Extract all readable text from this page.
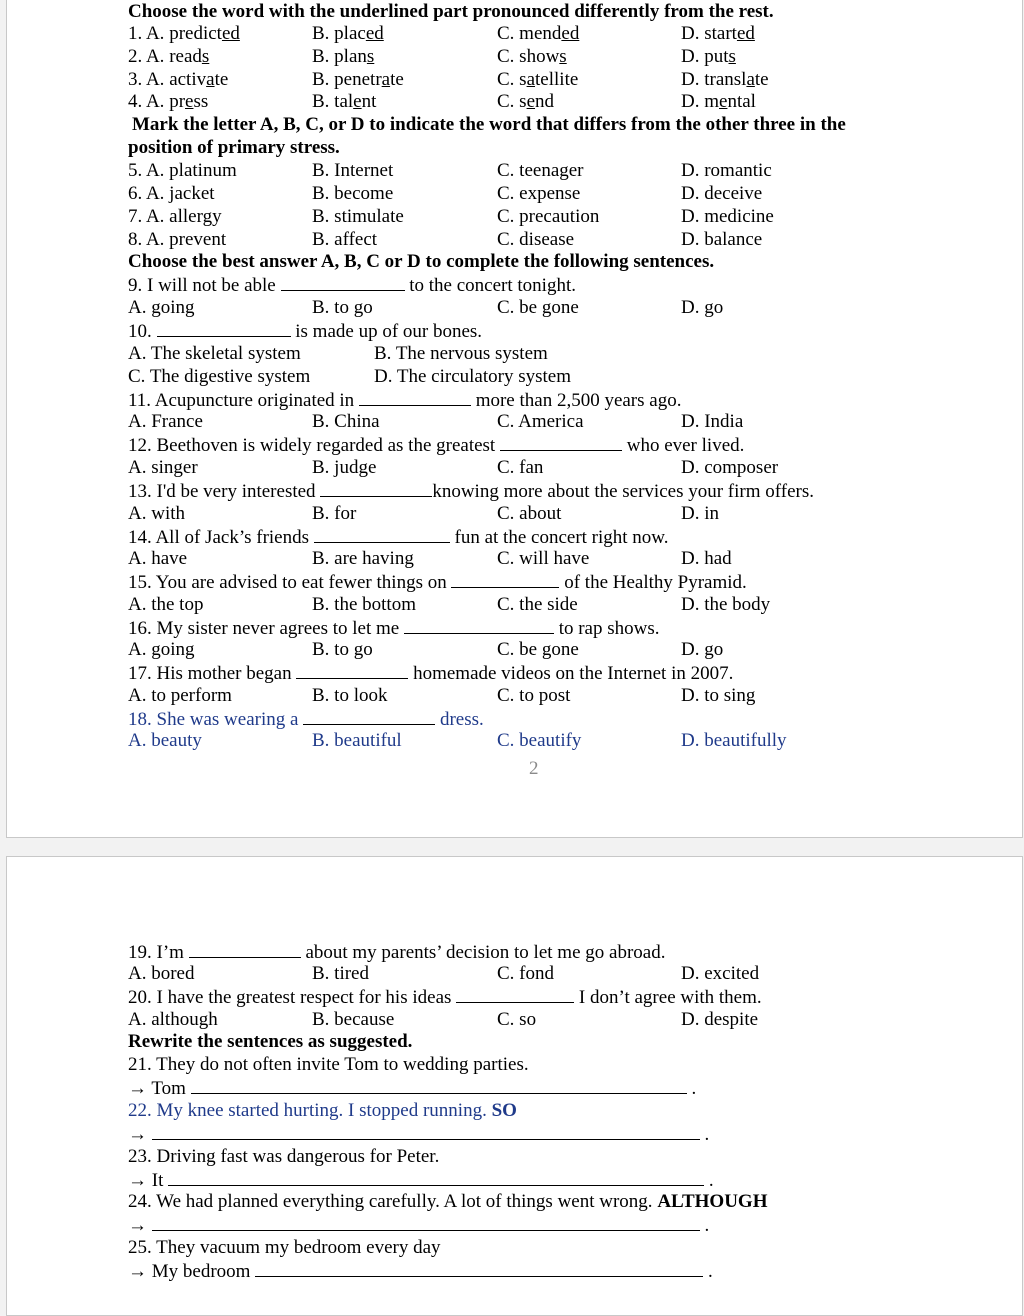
Choose the word with the underlined part pronounced differently from the rest.
1. A. predicted	B. placed	C. mended	D. started
2. A. reads	B. plans	C. shows	D. puts
3. A. activate	B. penetrate	C. satellite	D. translate
4. A. press	B. talent	C. send	D. mental
Mark the letter A, B, C, or D to indicate the word that differs from the other three in the
position of primary stress.
5. A. platinum	B. Internet	C. teenager	D. romantic
6. A. jacket	B. become	C. expense	D. deceive
7. A. allergy	B. stimulate	C. precaution	D. medicine
8. A. prevent	B. affect	C. disease	D. balance
Choose the best answer A, B, C or D to complete the following sentences.
9. I will not be able	to the concert tonight.
A. going	B. to go	C. be gone	D. go
10.	is made up of our bones.
A. The skeletal system	B. The nervous system
C. The digestive system	D. The circulatory system
11. Acupuncture originated in	more than 2,500 years ago.
A. France	B. China	C. America	D. India
12. Beethoven is widely regarded as the greatest	who ever lived.
A. singer	B. judge	C. fan	D. composer
13. I'd be very interested	knowing more about the services your firm offers.
A. with	B. for	C. about	D. in
14. All of Jack’s friends	fun at the concert right now.
A. have	B. are having	C. will have	D. had
15. You are advised to eat fewer things on	of the Healthy Pyramid.
A. the top	B. the bottom	C. the side	D. the body
16. My sister never agrees to let me	to rap shows.
A. going	B. to go	C. be gone	D. go
17. His mother began	homemade videos on the Internet in 2007.
A. to perform	B. to look	C. to post	D. to sing
18. She was wearing a	dress.
A. beauty	B. beautiful	C. beautify	D. beautifully
2
19. I’m	about my parents’ decision to let me go abroad.
A. bored	B. tired	C. fond	D. excited
20. I have the greatest respect for his ideas	I don’t agree with them.
A. although	B. because	C. so	D. despite
Rewrite the sentences as suggested.
21. They do not often invite Tom to wedding parties.
→ Tom	.
22. My knee started hurting. I stopped running. SO
→	.
23. Driving fast was dangerous for Peter.
→ It	.
24. We had planned everything carefully. A lot of things went wrong. ALTHOUGH
→	.
25. They vacuum my bedroom every day
→ My bedroom	.
